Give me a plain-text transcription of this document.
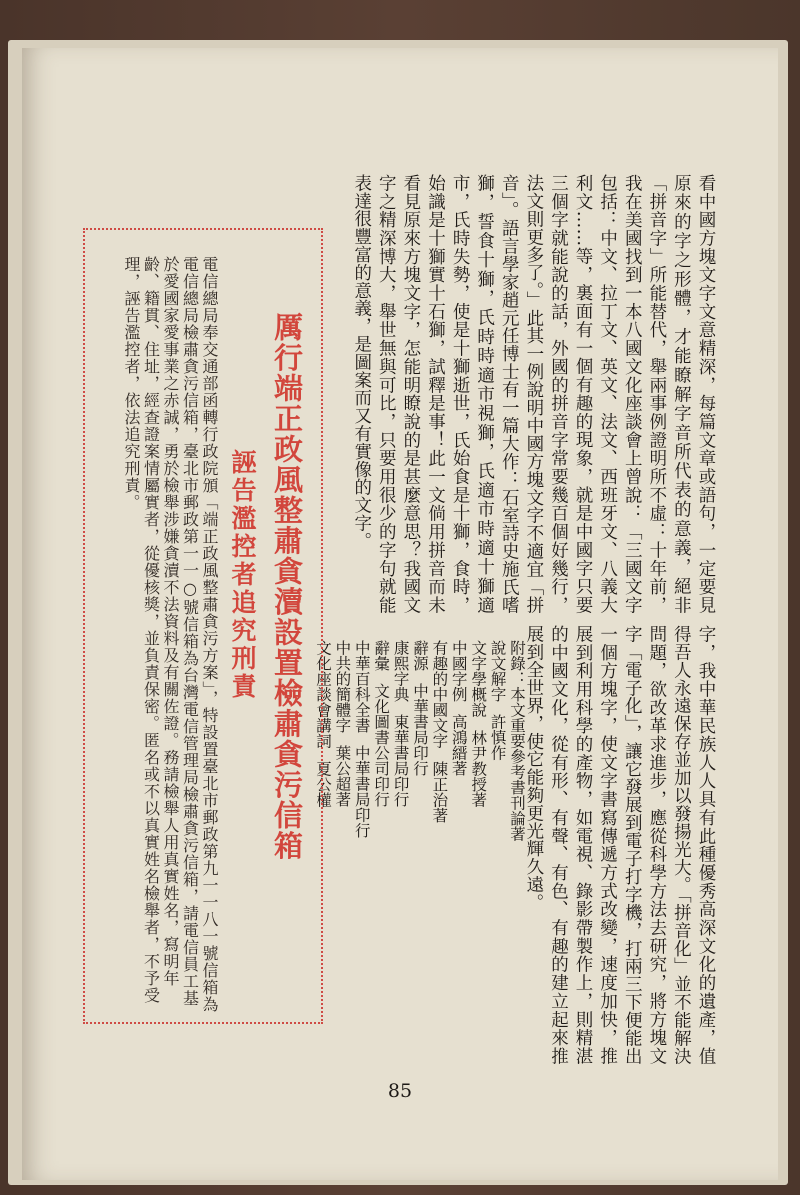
看中國方塊文字文意精深，每篇文章或語句，一定要見原來的字之形體，才能瞭解字音所代表的意義，絕非「拼音字」所能替代，舉兩事例證明所不虛：十年前，我在美國找到一本八國文化座談會上曾說：「三國文字包括：中文、拉丁文、英文、法文、西班牙文、八義大利文……等，裏面有一個有趣的現象，就是中國字只要三個字就能說的話，外國的拼音字常要幾百個好幾行，法文則更多了。」此其一例說明中國方塊文字不適宜「拼音」。語言學家趙元任博士有一篇大作：石室詩史施氏嗜獅，誓食十獅，氏時時適市視獅，氏適市時適十獅適市，氏時失勢，使是十獅逝世，氏始食是十獅，食時，始識是十獅實十石獅，試釋是事！此一文倘用拼音而未看見原來方塊文字，怎能明瞭說的是甚麼意思？我國文字之精深博大，舉世無與可比，只要用很少的字句就能表達很豐富的意義，是圖案而又有實像的文字。
字，我中華民族人人具有此種優秀高深文化的遺產，值得吾人永遠保存並加以發揚光大。「拼音化」並不能解決問題，欲改革求進步，應從科學方法去研究，將方塊文字「電子化」，讓它發展到電子打字機，打兩三下便能出一個方塊字，使文字書寫傳遞方式改變，速度加快，推展到利用科學的產物，如電視、錄影帶製作上，則精湛的中國文化，從有形、有聲、有色、有趣的建立起來推展到全世界，使它能夠更光輝久遠。
附錄：本文重要參考書刊論著
說文解字許慎作
文字學概說林尹教授著
中國字例高鴻縉著
有趣的中國文字陳正治著
辭源中華書局印行
康熙字典東華書局印行
辭彙文化圖書公司印行
中華百科全書中華書局印行
中共的簡體字葉公超著
文化座談會講詞夏公權
厲行端正政風整肅貪瀆設置檢肅貪污信箱
誣告濫控者追究刑責
電信總局奉交通部函轉行政院頒「端正政風整肅貪污方案」，特設置臺北市郵政第九一一八一號信箱為電信總局檢肅貪污信箱，臺北市郵政第一一○號信箱為台灣電信管理局檢肅貪污信箱，請電信員工基於愛國家愛事業之赤誠，勇於檢舉涉嫌貪瀆不法資料及有關佐證。務請檢舉人用真實姓名，寫明年齡、籍貫、住址，經查證案情屬實者，從優核獎，並負責保密。匿名或不以真實姓名檢舉者，不予受理，誣告濫控者，依法追究刑責。
85
